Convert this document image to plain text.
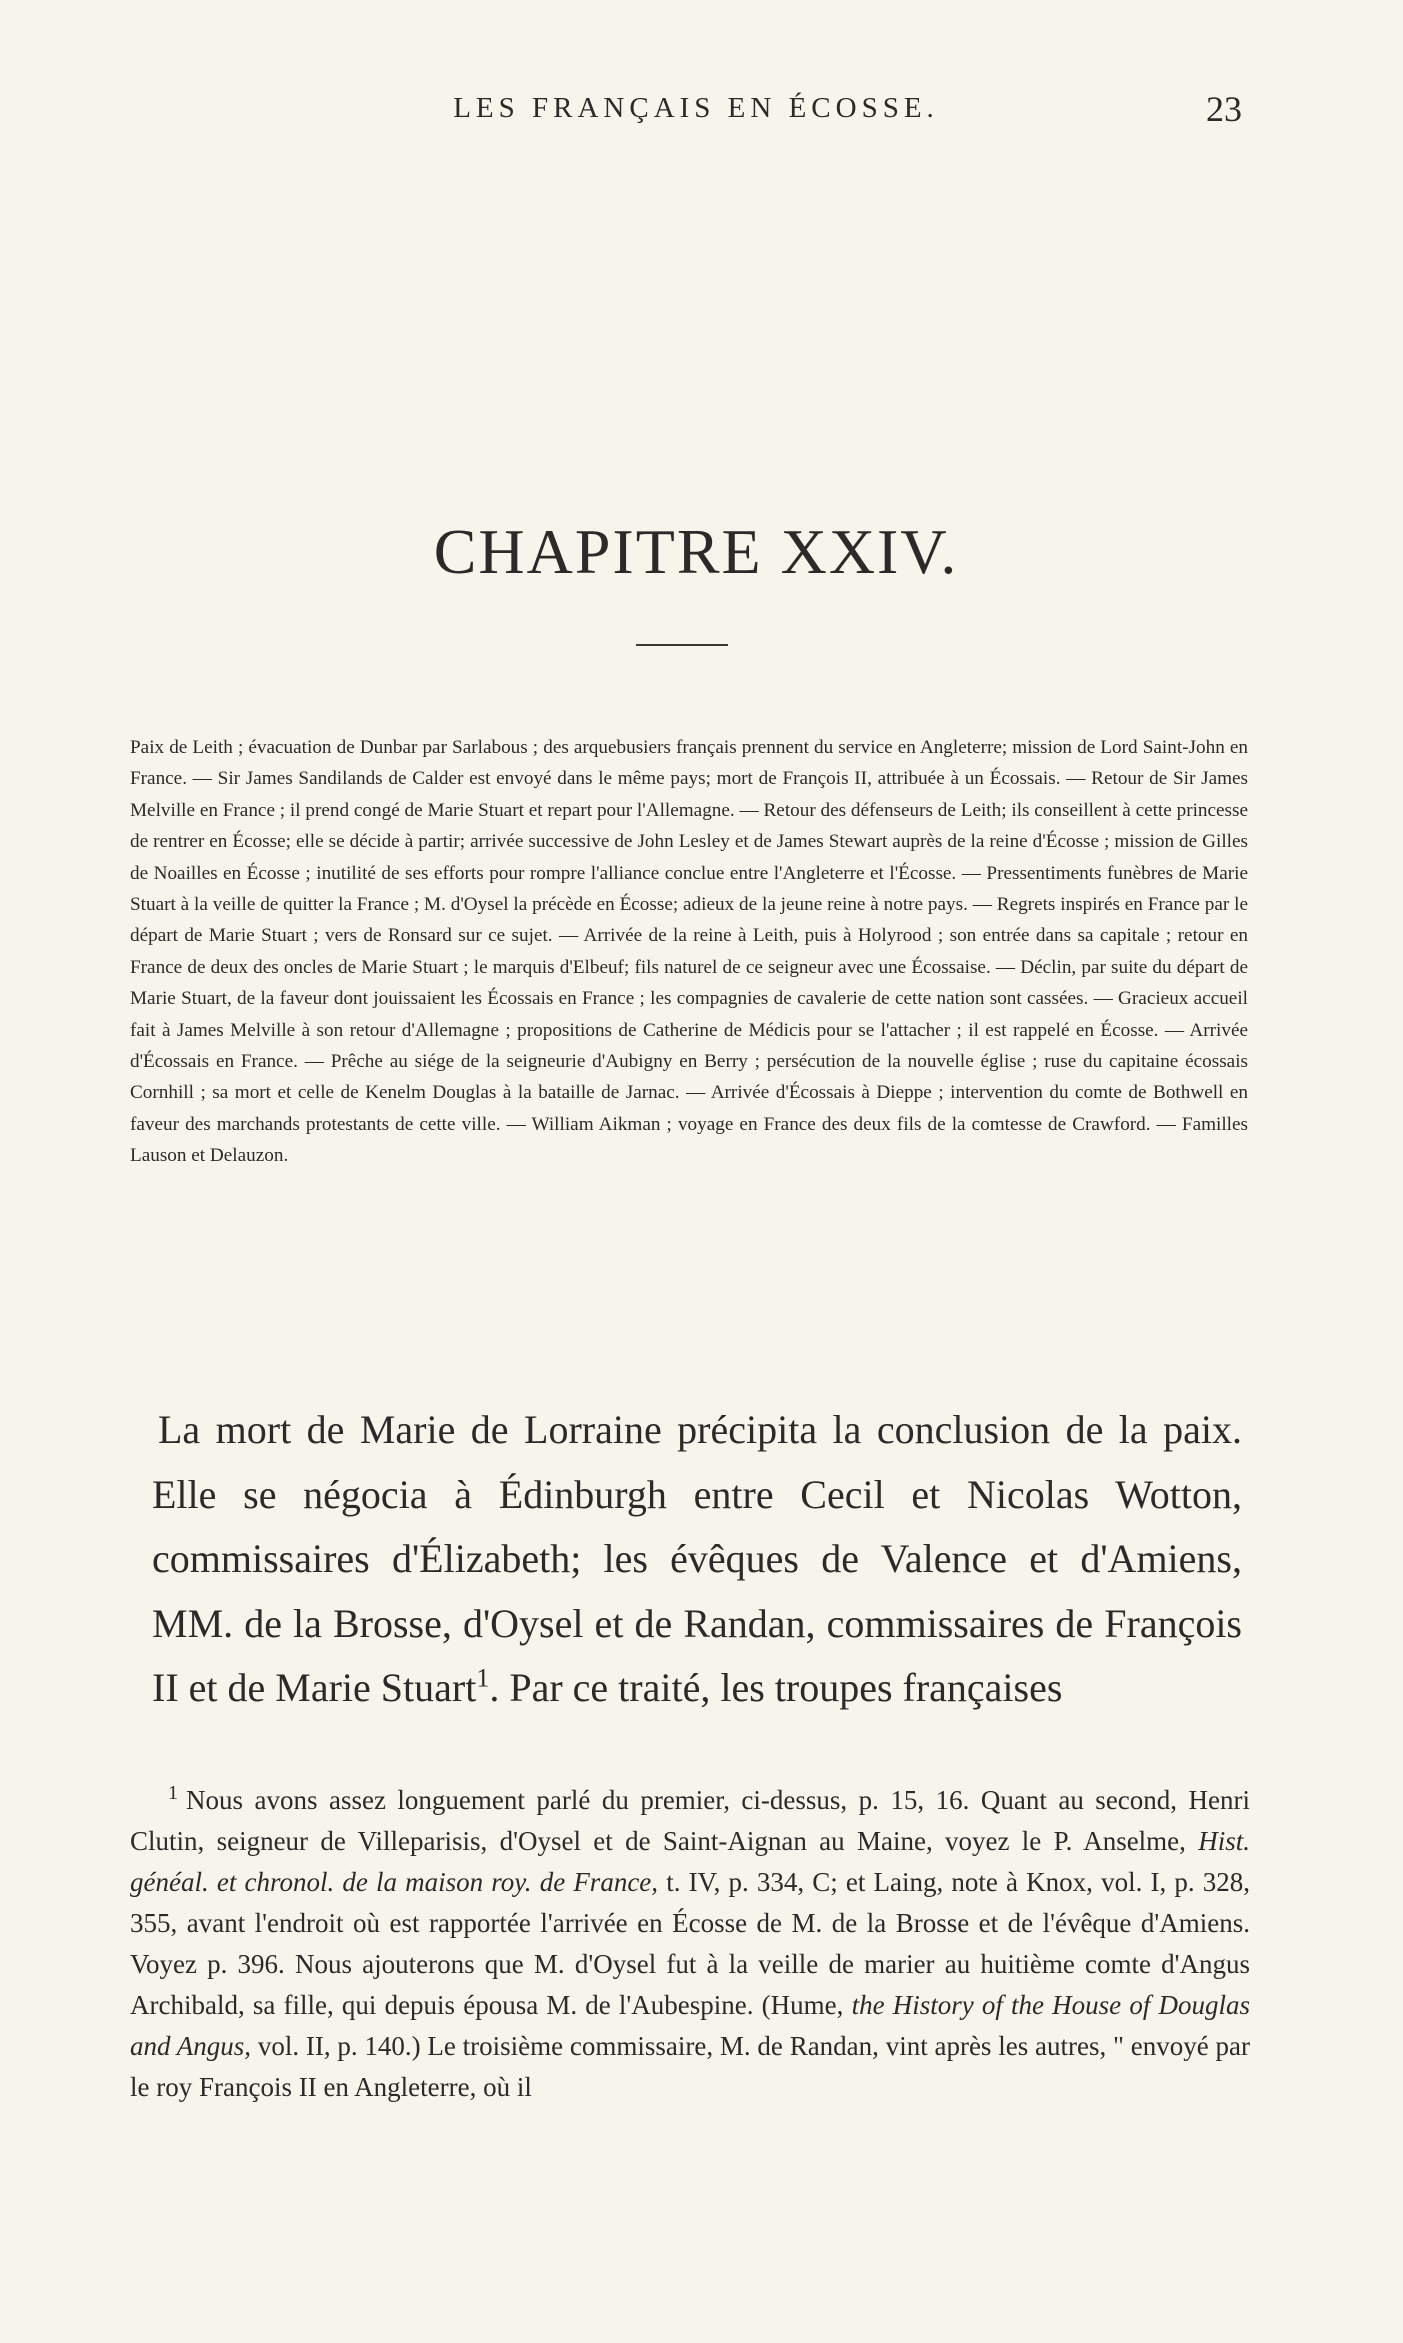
LES FRANÇAIS EN ÉCOSSE.	23
CHAPITRE XXIV.

Paix de Leith ; évacuation de Dunbar par Sarlabous ; des arquebusiers français prennent du service en Angleterre; mission de Lord Saint-John en France. — Sir James Sandilands de Calder est envoyé dans le même pays; mort de François II, attribuée à un Écossais. — Retour de Sir James Melville en France ; il prend congé de Marie Stuart et repart pour l'Allemagne. — Retour des défenseurs de Leith; ils conseillent à cette princesse de rentrer en Écosse; elle se décide à partir; arrivée successive de John Lesley et de James Stewart auprès de la reine d'Écosse ; mission de Gilles de Noailles en Écosse ; inutilité de ses efforts pour rompre l'alliance conclue entre l'Angleterre et l'Écosse. — Pressentiments funèbres de Marie Stuart à la veille de quitter la France ; M. d'Oysel la précède en Écosse; adieux de la jeune reine à notre pays. — Regrets inspirés en France par le départ de Marie Stuart ; vers de Ronsard sur ce sujet. — Arrivée de la reine à Leith, puis à Holyrood ; son entrée dans sa capitale ; retour en France de deux des oncles de Marie Stuart ; le marquis d'Elbeuf; fils naturel de ce seigneur avec une Écossaise. — Déclin, par suite du départ de Marie Stuart, de la faveur dont jouissaient les Écossais en France ; les compagnies de cavalerie de cette nation sont cassées. — Gracieux accueil fait à James Melville à son retour d'Allemagne ; propositions de Catherine de Médicis pour se l'attacher ; il est rappelé en Écosse. — Arrivée d'Écossais en France. — Prêche au siége de la seigneurie d'Aubigny en Berry ; persécution de la nouvelle église ; ruse du capitaine écossais Cornhill ; sa mort et celle de Kenelm Douglas à la bataille de Jarnac. — Arrivée d'Écossais à Dieppe ; intervention du comte de Bothwell en faveur des marchands protestants de cette ville. — William Aikman ; voyage en France des deux fils de la comtesse de Crawford. — Familles Lauson et Delauzon.

La mort de Marie de Lorraine précipita la conclusion de la paix. Elle se négocia à Édinburgh entre Cecil et Nicolas Wotton, commissaires d'Élizabeth; les évêques de Valence et d'Amiens, MM. de la Brosse, d'Oysel et de Randan, commissaires de François II et de Marie Stuart$^1$. Par ce traité, les troupes françaises

$^1$ Nous avons assez longuement parlé du premier, ci-dessus, p. 15, 16. Quant au second, Henri Clutin, seigneur de Villeparisis, d'Oysel et de Saint-Aignan au Maine, voyez le P. Anselme, Hist. généal. et chronol. de la maison roy. de France, t. IV, p. 334, C; et Laing, note à Knox, vol. I, p. 328, 355, avant l'endroit où est rapportée l'arrivée en Écosse de M. de la Brosse et de l'évêque d'Amiens. Voyez p. 396. Nous ajouterons que M. d'Oysel fut à la veille de marier au huitième comte d'Angus Archibald, sa fille, qui depuis épousa M. de l'Aubespine. (Hume, the History of the House of Douglas and Angus, vol. II, p. 140.) Le troisième commissaire, M. de Randan, vint après les autres, " envoyé par le roy François II en Angleterre, où il
